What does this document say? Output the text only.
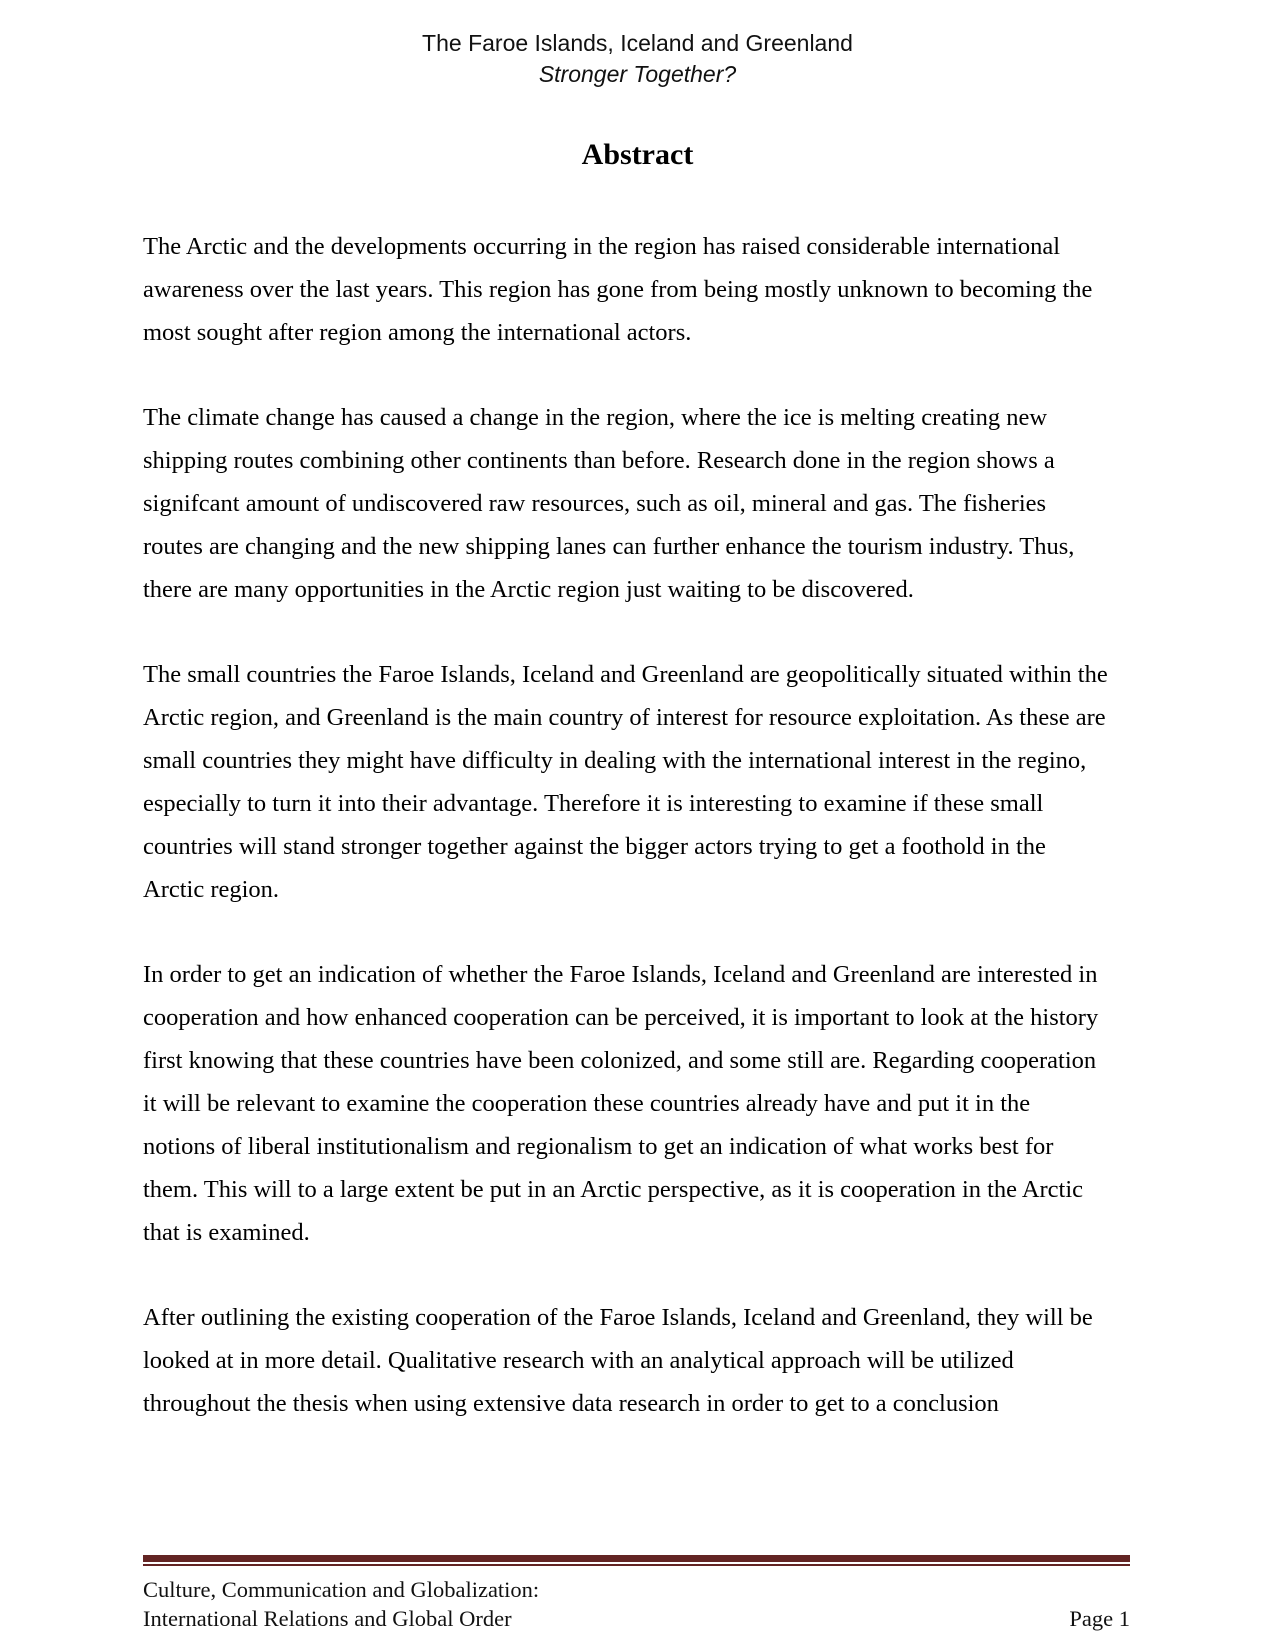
The Faroe Islands, Iceland and Greenland
Stronger Together?
Abstract

The Arctic and the developments occurring in the region has raised considerable international awareness over the last years. This region has gone from being mostly unknown to becoming the most sought after region among the international actors.

The climate change has caused a change in the region, where the ice is melting creating new shipping routes combining other continents than before. Research done in the region shows a signifcant amount of undiscovered raw resources, such as oil, mineral and gas. The fisheries routes are changing and the new shipping lanes can further enhance the tourism industry. Thus, there are many opportunities in the Arctic region just waiting to be discovered.

The small countries the Faroe Islands, Iceland and Greenland are geopolitically situated within the Arctic region, and Greenland is the main country of interest for resource exploitation. As these are small countries they might have difficulty in dealing with the international interest in the regino, especially to turn it into their advantage. Therefore it is interesting to examine if these small countries will stand stronger together against the bigger actors trying to get a foothold in the Arctic region.

In order to get an indication of whether the Faroe Islands, Iceland and Greenland are interested in cooperation and how enhanced cooperation can be perceived, it is important to look at the history first knowing that these countries have been colonized, and some still are. Regarding cooperation it will be relevant to examine the cooperation these countries already have and put it in the notions of liberal institutionalism and regionalism to get an indication of what works best for them. This will to a large extent be put in an Arctic perspective, as it is cooperation in the Arctic that is examined.

After outlining the existing cooperation of the Faroe Islands, Iceland and Greenland, they will be looked at in more detail. Qualitative research with an analytical approach will be utilized throughout the thesis when using extensive data research in order to get to a conclusion

Culture, Communication and Globalization:
International Relations and Global Order	Page 1
